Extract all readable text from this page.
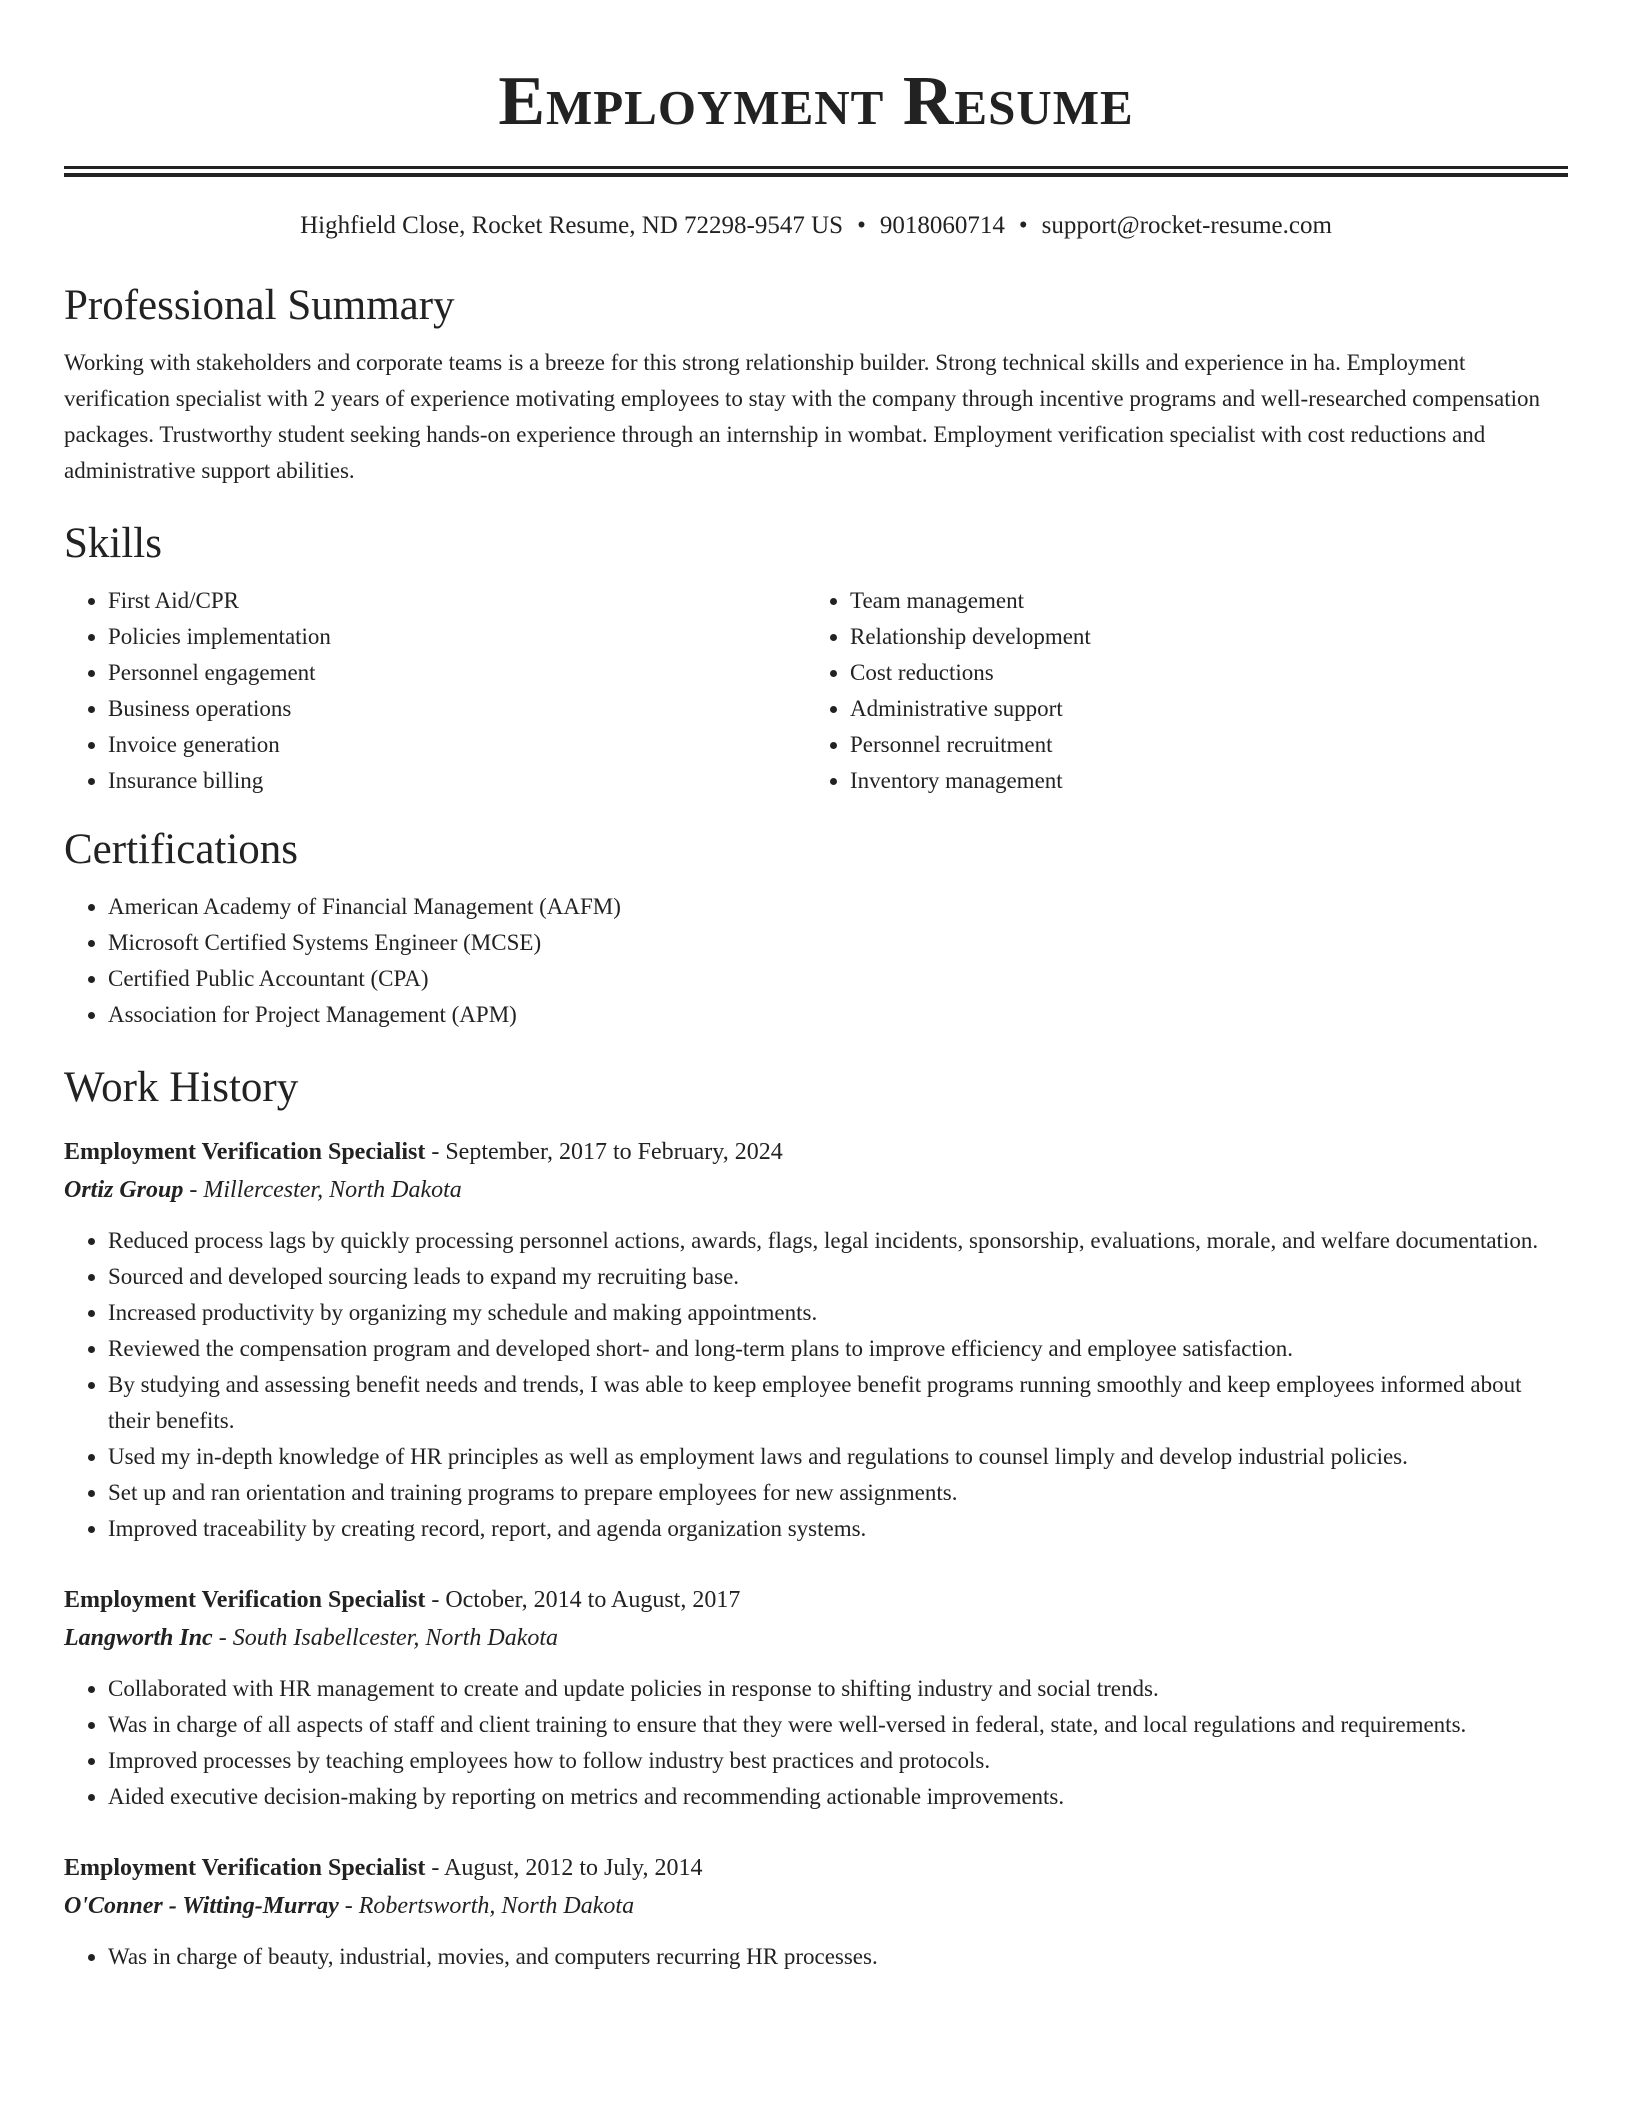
Employment Resume
Highfield Close, Rocket Resume, ND 72298-9547 US • 9018060714 • support@rocket-resume.com
Professional Summary

Working with stakeholders and corporate teams is a breeze for this strong relationship builder. Strong technical skills and experience in ha. Employment verification specialist with 2 years of experience motivating employees to stay with the company through incentive programs and well-researched compensation packages. Trustworthy student seeking hands-on experience through an internship in wombat. Employment verification specialist with cost reductions and administrative support abilities.

Skills
• First Aid/CPR
• Policies implementation
• Personnel engagement
• Business operations
• Invoice generation
• Insurance billing
• Team management
• Relationship development
• Cost reductions
• Administrative support
• Personnel recruitment
• Inventory management
Certifications
• American Academy of Financial Management (AAFM)
• Microsoft Certified Systems Engineer (MCSE)
• Certified Public Accountant (CPA)
• Association for Project Management (APM)
Work History
Employment Verification Specialist - September, 2017 to February, 2024
Ortiz Group - Millercester, North Dakota
• Reduced process lags by quickly processing personnel actions, awards, flags, legal incidents, sponsorship, evaluations, morale, and welfare documentation.
• Sourced and developed sourcing leads to expand my recruiting base.
• Increased productivity by organizing my schedule and making appointments.
• Reviewed the compensation program and developed short- and long-term plans to improve efficiency and employee satisfaction.
• By studying and assessing benefit needs and trends, I was able to keep employee benefit programs running smoothly and keep employees informed about their benefits.
• Used my in-depth knowledge of HR principles as well as employment laws and regulations to counsel limply and develop industrial policies.
• Set up and ran orientation and training programs to prepare employees for new assignments.
• Improved traceability by creating record, report, and agenda organization systems.
Employment Verification Specialist - October, 2014 to August, 2017
Langworth Inc - South Isabellcester, North Dakota
• Collaborated with HR management to create and update policies in response to shifting industry and social trends.
• Was in charge of all aspects of staff and client training to ensure that they were well-versed in federal, state, and local regulations and requirements.
• Improved processes by teaching employees how to follow industry best practices and protocols.
• Aided executive decision-making by reporting on metrics and recommending actionable improvements.
Employment Verification Specialist - August, 2012 to July, 2014
O'Conner - Witting-Murray - Robertsworth, North Dakota
• Was in charge of beauty, industrial, movies, and computers recurring HR processes.
